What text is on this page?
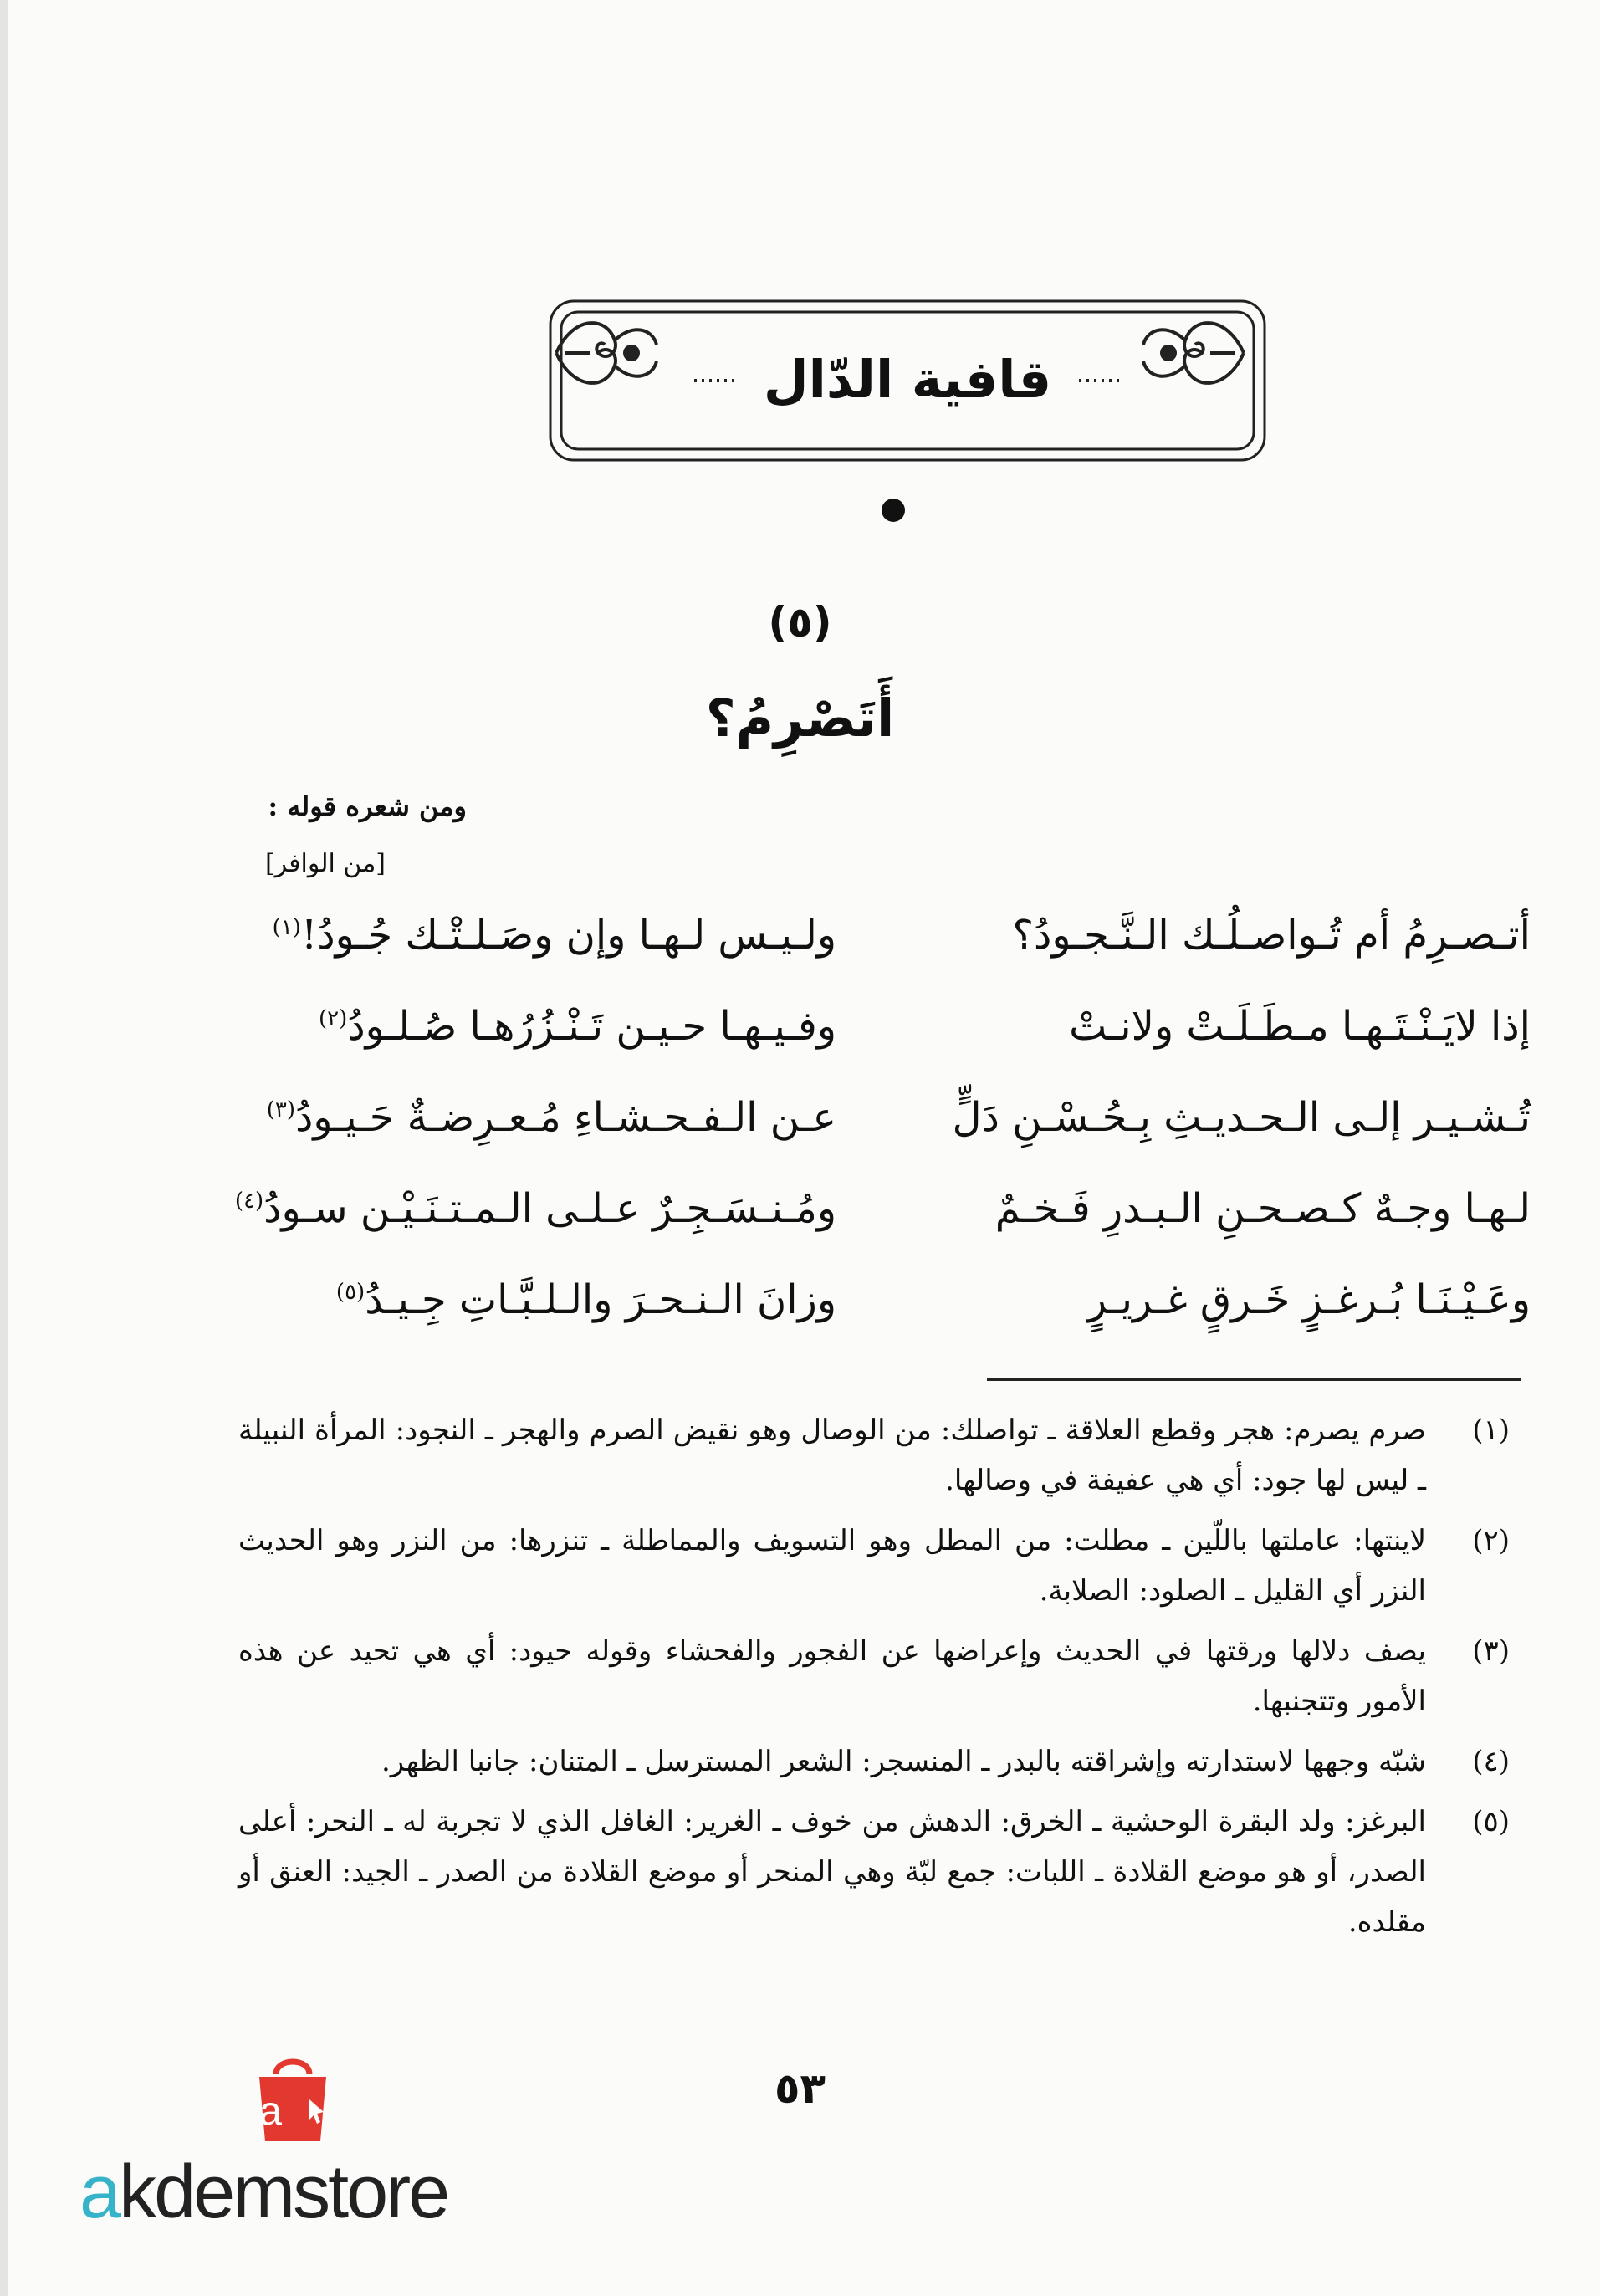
قافية الدّال
(٥)
أَتَصْرِمُ؟
ومن شعره قوله :
[من الوافر]
أتـصـرِمُ أم تُـواصـلُـك الـنَّـجـودُ؟
ولـيـس لـهـا وإن وصَـلـتْـك جُـودُ!$^{(١)}$
إذا لايَـنْـتَـهـا مـطَـلَـتْ ولانـتْ
وفـيـهـا حـيـن تَـنْـزُرُهـا صُـلـودُ$^{(٢)}$
تُـشـيـر إلـى الـحـديـثِ بِـحُـسْـنِ دَلٍّ
عـن الـفـحـشـاءِ مُـعـرِضـةٌ حَـيـودُ$^{(٣)}$
لـهـا وجـهٌ كـصـحـنِ الـبـدرِ فَـخـمٌ
ومُـنـسَـجِـرٌ عـلـى الـمـتـنَـيْـن سـودُ$^{(٤)}$
وعَـيْـنَـا بُـرغـزٍ خَـرقٍ غـريـرٍ
وزانَ الـنـحـرَ والـلـبَّـاتِ جِـيـدُ$^{(٥)}$
(١)
صرم يصرم: هجر وقطع العلاقة ـ تواصلك: من الوصال وهو نقيض الصرم والهجر ـ النجود: المرأة النبيلة ـ ليس لها جود: أي هي عفيفة في وصالها.
(٢)
لاينتها: عاملتها باللّين ـ مطلت: من المطل وهو التسويف والمماطلة ـ تنزرها: من النزر وهو الحديث النزر أي القليل ـ الصلود: الصلابة.
(٣)
يصف دلالها ورقتها في الحديث وإعراضها عن الفجور والفحشاء وقوله حيود: أي هي تحيد عن هذه الأمور وتتجنبها.
(٤)
شبّه وجهها لاستدارته وإشراقته بالبدر ـ المنسجر: الشعر المسترسل ـ المتنان: جانبا الظهر.
(٥)
البرغز: ولد البقرة الوحشية ـ الخرق: الدهش من خوف ـ الغرير: الغافل الذي لا تجربة له ـ النحر: أعلى الصدر، أو هو موضع القلادة ـ اللبات: جمع لبّة وهي المنحر أو موضع القلادة من الصدر ـ الجيد: العنق أو مقلده.
٥٣
a
akdemstore
